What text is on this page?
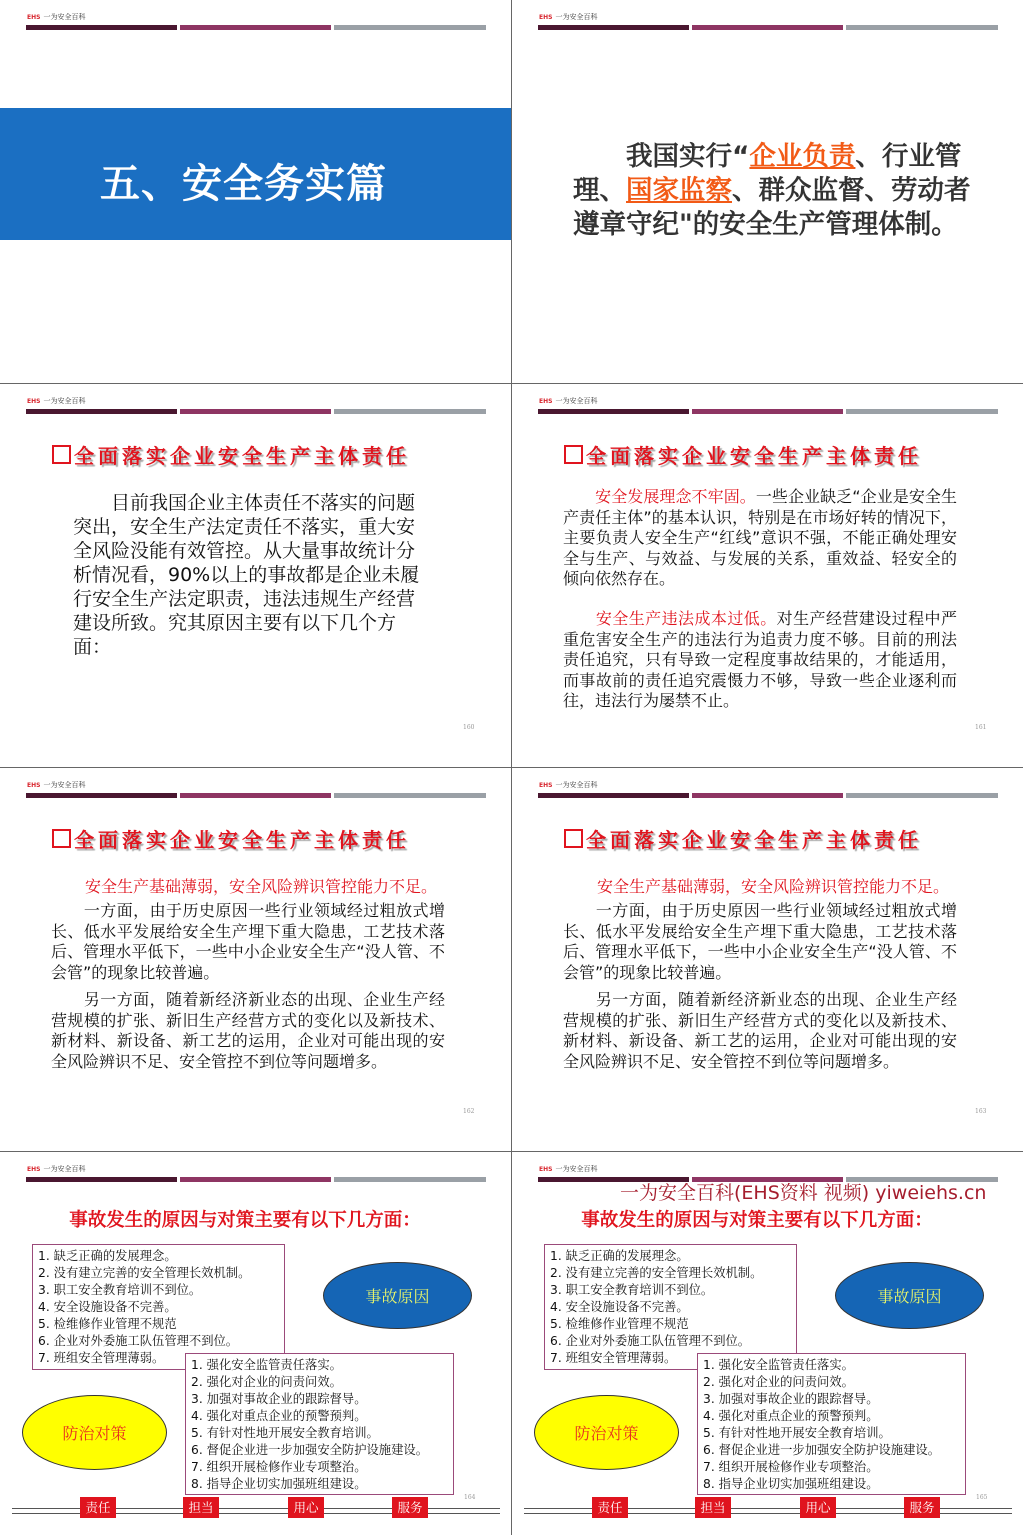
EHS 一为安全百科
五、安全务实篇
EHS 一为安全百科
　　我国实行“企业负责、行业管理、国家监察、群众监督、劳动者遵章守纪"的安全生产管理体制。
EHS 一为安全百科
全面落实企业安全生产主体责任
　　目前我国企业主体责任不落实的问题突出，安全生产法定责任不落实，重大安全风险没能有效管控。从大量事故统计分析情况看，90%以上的事故都是企业未履行安全生产法定职责，违法违规生产经营建设所致。究其原因主要有以下几个方面：
160
EHS 一为安全百科
全面落实企业安全生产主体责任
　　安全发展理念不牢固。一些企业缺乏“企业是安全生产责任主体”的基本认识，特别是在市场好转的情况下，主要负责人安全生产“红线”意识不强，不能正确处理安全与生产、与效益、与发展的关系，重效益、轻安全的倾向依然存在。
　　安全生产违法成本过低。对生产经营建设过程中严重危害安全生产的违法行为追责力度不够。目前的刑法责任追究，只有导致一定程度事故结果的，才能适用，而事故前的责任追究震慑力不够，导致一些企业逐利而往，违法行为屡禁不止。
161
EHS 一为安全百科
全面落实企业安全生产主体责任
安全生产基础薄弱，安全风险辨识管控能力不足。
　　一方面，由于历史原因一些行业领域经过粗放式增长、低水平发展给安全生产埋下重大隐患，工艺技术落后、管理水平低下，一些中小企业安全生产“没人管、不会管”的现象比较普遍。
　　另一方面，随着新经济新业态的出现、企业生产经营规模的扩张、新旧生产经营方式的变化以及新技术、新材料、新设备、新工艺的运用，企业对可能出现的安全风险辨识不足、安全管控不到位等问题增多。
162
EHS 一为安全百科
全面落实企业安全生产主体责任
安全生产基础薄弱，安全风险辨识管控能力不足。
　　一方面，由于历史原因一些行业领域经过粗放式增长、低水平发展给安全生产埋下重大隐患，工艺技术落后、管理水平低下，一些中小企业安全生产“没人管、不会管”的现象比较普遍。
　　另一方面，随着新经济新业态的出现、企业生产经营规模的扩张、新旧生产经营方式的变化以及新技术、新材料、新设备、新工艺的运用，企业对可能出现的安全风险辨识不足、安全管控不到位等问题增多。
163
EHS 一为安全百科
事故发生的原因与对策主要有以下几方面：
1. 缺乏正确的发展理念。
2. 没有建立完善的安全管理长效机制。
3. 职工安全教育培训不到位。
4. 安全设施设备不完善。
5. 检维修作业管理不规范
6. 企业对外委施工队伍管理不到位。
7. 班组安全管理薄弱。
事故原因
防治对策
1. 强化安全监管责任落实。
2. 强化对企业的问责问效。
3. 加强对事故企业的跟踪督导。
4. 强化对重点企业的预警预判。
5. 有针对性地开展安全教育培训。
6. 督促企业进一步加强安全防护设施建设。
7. 组织开展检修作业专项整治。
8. 指导企业切实加强班组建设。
164
责任	担当	用心	服务
EHS 一为安全百科
事故发生的原因与对策主要有以下几方面：
1. 缺乏正确的发展理念。
2. 没有建立完善的安全管理长效机制。
3. 职工安全教育培训不到位。
4. 安全设施设备不完善。
5. 检维修作业管理不规范
6. 企业对外委施工队伍管理不到位。
7. 班组安全管理薄弱。
事故原因
防治对策
1. 强化安全监管责任落实。
2. 强化对企业的问责问效。
3. 加强对事故企业的跟踪督导。
4. 强化对重点企业的预警预判。
5. 有针对性地开展安全教育培训。
6. 督促企业进一步加强安全防护设施建设。
7. 组织开展检修作业专项整治。
8. 指导企业切实加强班组建设。
165
责任	担当	用心	服务
一为安全百科(EHS资料 视频) yiweiehs.cn
